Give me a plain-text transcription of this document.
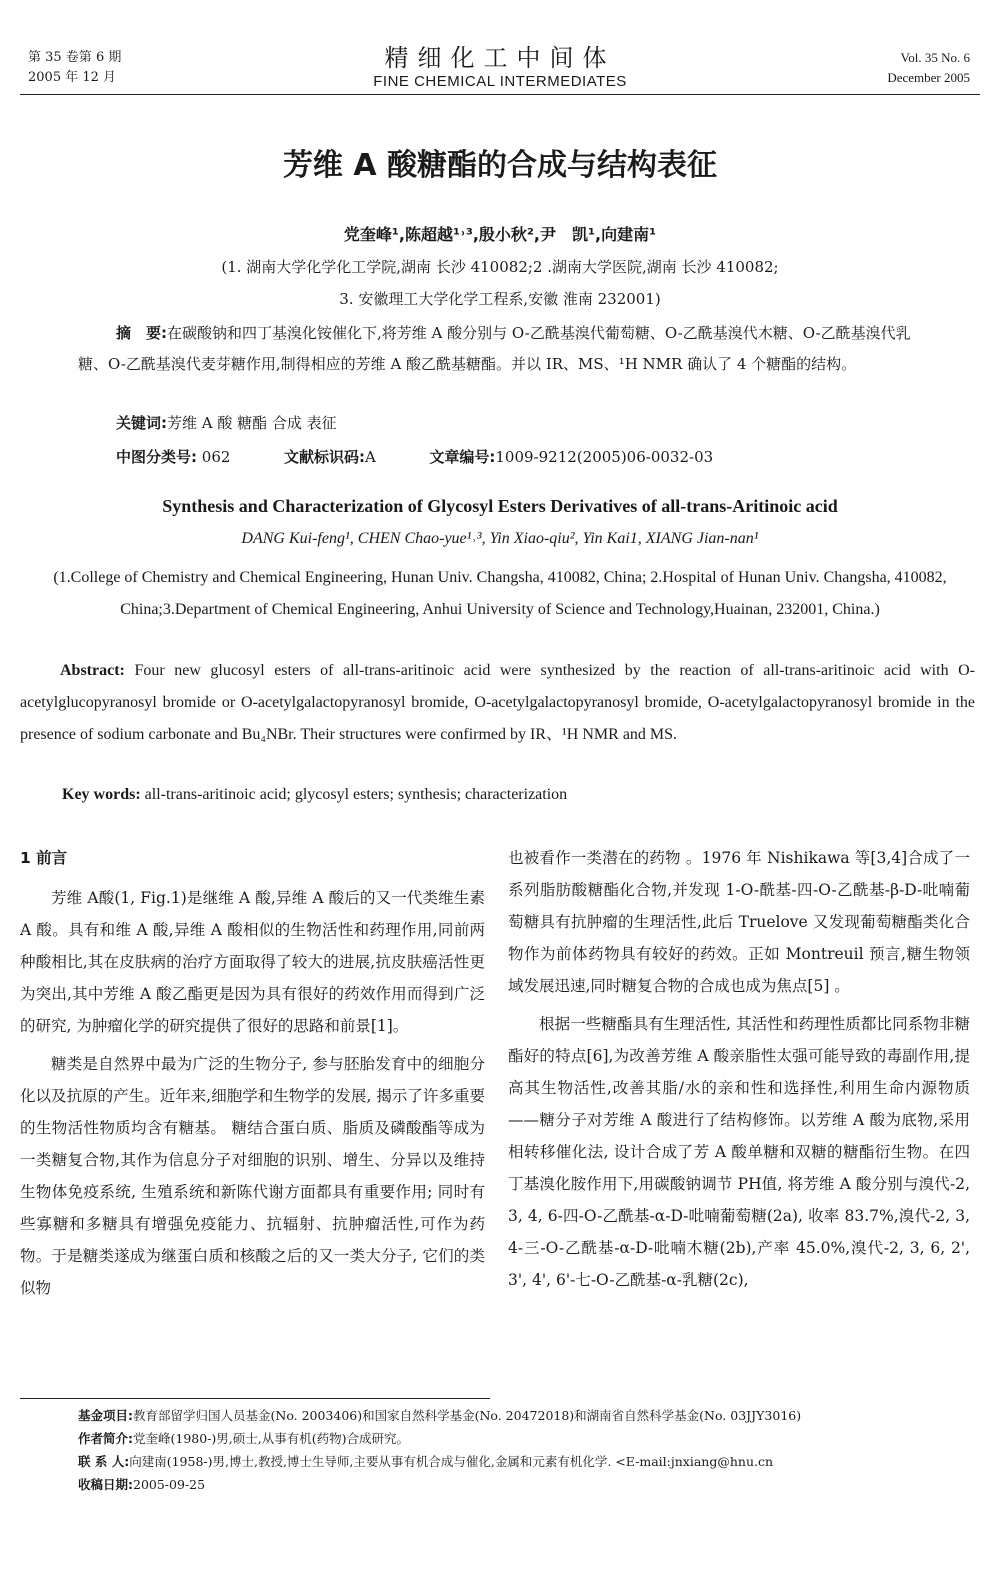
第 35 卷第 6 期
2005 年 12 月
精细化工中间体
FINE CHEMICAL INTERMEDIATES
Vol. 35 No. 6
December 2005
芳维 A 酸糖酯的合成与结构表征
党奎峰¹,陈超越¹˒³,殷小秋²,尹　凯¹,向建南¹
(1. 湖南大学化学化工学院,湖南 长沙 410082;2 .湖南大学医院,湖南 长沙 410082;
3. 安徽理工大学化学工程系,安徽 淮南 232001)
摘　要:在碳酸钠和四丁基溴化铵催化下,将芳维 A 酸分别与 O-乙酰基溴代葡萄糖、O-乙酰基溴代木糖、O-乙酰基溴代乳糖、O-乙酰基溴代麦芽糖作用,制得相应的芳维 A 酸乙酰基糖酯。并以 IR、MS、¹H NMR 确认了 4 个糖酯的结构。
关键词:芳维 A 酸 糖酯 合成 表征
中图分类号: 062	文献标识码:A	文章编号:1009-9212(2005)06-0032-03
Synthesis and Characterization of Glycosyl Esters Derivatives of all-trans-Aritinoic acid
DANG Kui-feng¹, CHEN Chao-yue¹˒³, Yin Xiao-qiu², Yin Kai1, XIANG Jian-nan¹
(1.College of Chemistry and Chemical Engineering, Hunan Univ. Changsha, 410082, China; 2.Hospital of Hunan Univ. Changsha, 410082, China;3.Department of Chemical Engineering, Anhui University of Science and Technology,Huainan, 232001, China.)
Abstract: Four new glucosyl esters of all-trans-aritinoic acid were synthesized by the reaction of all-trans-aritinoic acid with O-acetylglucopyranosyl bromide or O-acetylgalactopyranosyl bromide, O-acetylgalactopyranosyl bromide, O-acetylgalactopyranosyl bromide in the presence of sodium carbonate and Bu₄NBr. Their structures were confirmed by IR、¹H NMR and MS.
Key words: all-trans-aritinoic acid; glycosyl esters; synthesis; characterization
1 前言

芳维 A酸(1, Fig.1)是继维 A 酸,异维 A 酸后的又一代类维生素 A 酸。具有和维 A 酸,异维 A 酸相似的生物活性和药理作用,同前两种酸相比,其在皮肤病的治疗方面取得了较大的进展,抗皮肤癌活性更为突出,其中芳维 A 酸乙酯更是因为具有很好的药效作用而得到广泛的研究, 为肿瘤化学的研究提供了很好的思路和前景[1]。

糖类是自然界中最为广泛的生物分子, 参与胚胎发育中的细胞分化以及抗原的产生。近年来,细胞学和生物学的发展, 揭示了许多重要的生物活性物质均含有糖基。 糖结合蛋白质、脂质及磷酸酯等成为一类糖复合物,其作为信息分子对细胞的识别、增生、分异以及维持生物体免疫系统, 生殖系统和新陈代谢方面都具有重要作用; 同时有些寡糖和多糖具有增强免疫能力、抗辐射、抗肿瘤活性,可作为药物。于是糖类遂成为继蛋白质和核酸之后的又一类大分子, 它们的类似物

也被看作一类潜在的药物 。1976 年 Nishikawa 等[3,4]合成了一系列脂肪酸糖酯化合物,并发现 1-O-酰基-四-O-乙酰基-β-D-吡喃葡萄糖具有抗肿瘤的生理活性,此后 Truelove 又发现葡萄糖酯类化合物作为前体药物具有较好的药效。正如 Montreuil 预言,糖生物领域发展迅速,同时糖复合物的合成也成为焦点[5] 。

根据一些糖酯具有生理活性, 其活性和药理性质都比同系物非糖酯好的特点[6],为改善芳维 A 酸亲脂性太强可能导致的毒副作用,提高其生物活性,改善其脂/水的亲和性和选择性,利用生命内源物质——糖分子对芳维 A 酸进行了结构修饰。以芳维 A 酸为底物,采用相转移催化法, 设计合成了芳 A 酸单糖和双糖的糖酯衍生物。在四丁基溴化胺作用下,用碳酸钠调节 PH值, 将芳维 A 酸分别与溴代-2, 3, 4, 6-四-O-乙酰基-α-D-吡喃葡萄糖(2a), 收率 83.7%,溴代-2, 3, 4-三-O-乙酰基-α-D-吡喃木糖(2b),产率 45.0%,溴代-2, 3, 6, 2', 3', 4', 6'-七-O-乙酰基-α-乳糖(2c),

基金项目:教育部留学归国人员基金(No. 2003406)和国家自然科学基金(No. 20472018)和湖南省自然科学基金(No. 03JJY3016)
作者简介:党奎峰(1980-)男,硕士,从事有机(药物)合成研究。
联 系 人:向建南(1958-)男,博士,教授,博士生导师,主要从事有机合成与催化,金属和元素有机化学. <E-mail:jnxiang@hnu.cn
收稿日期:2005-09-25
